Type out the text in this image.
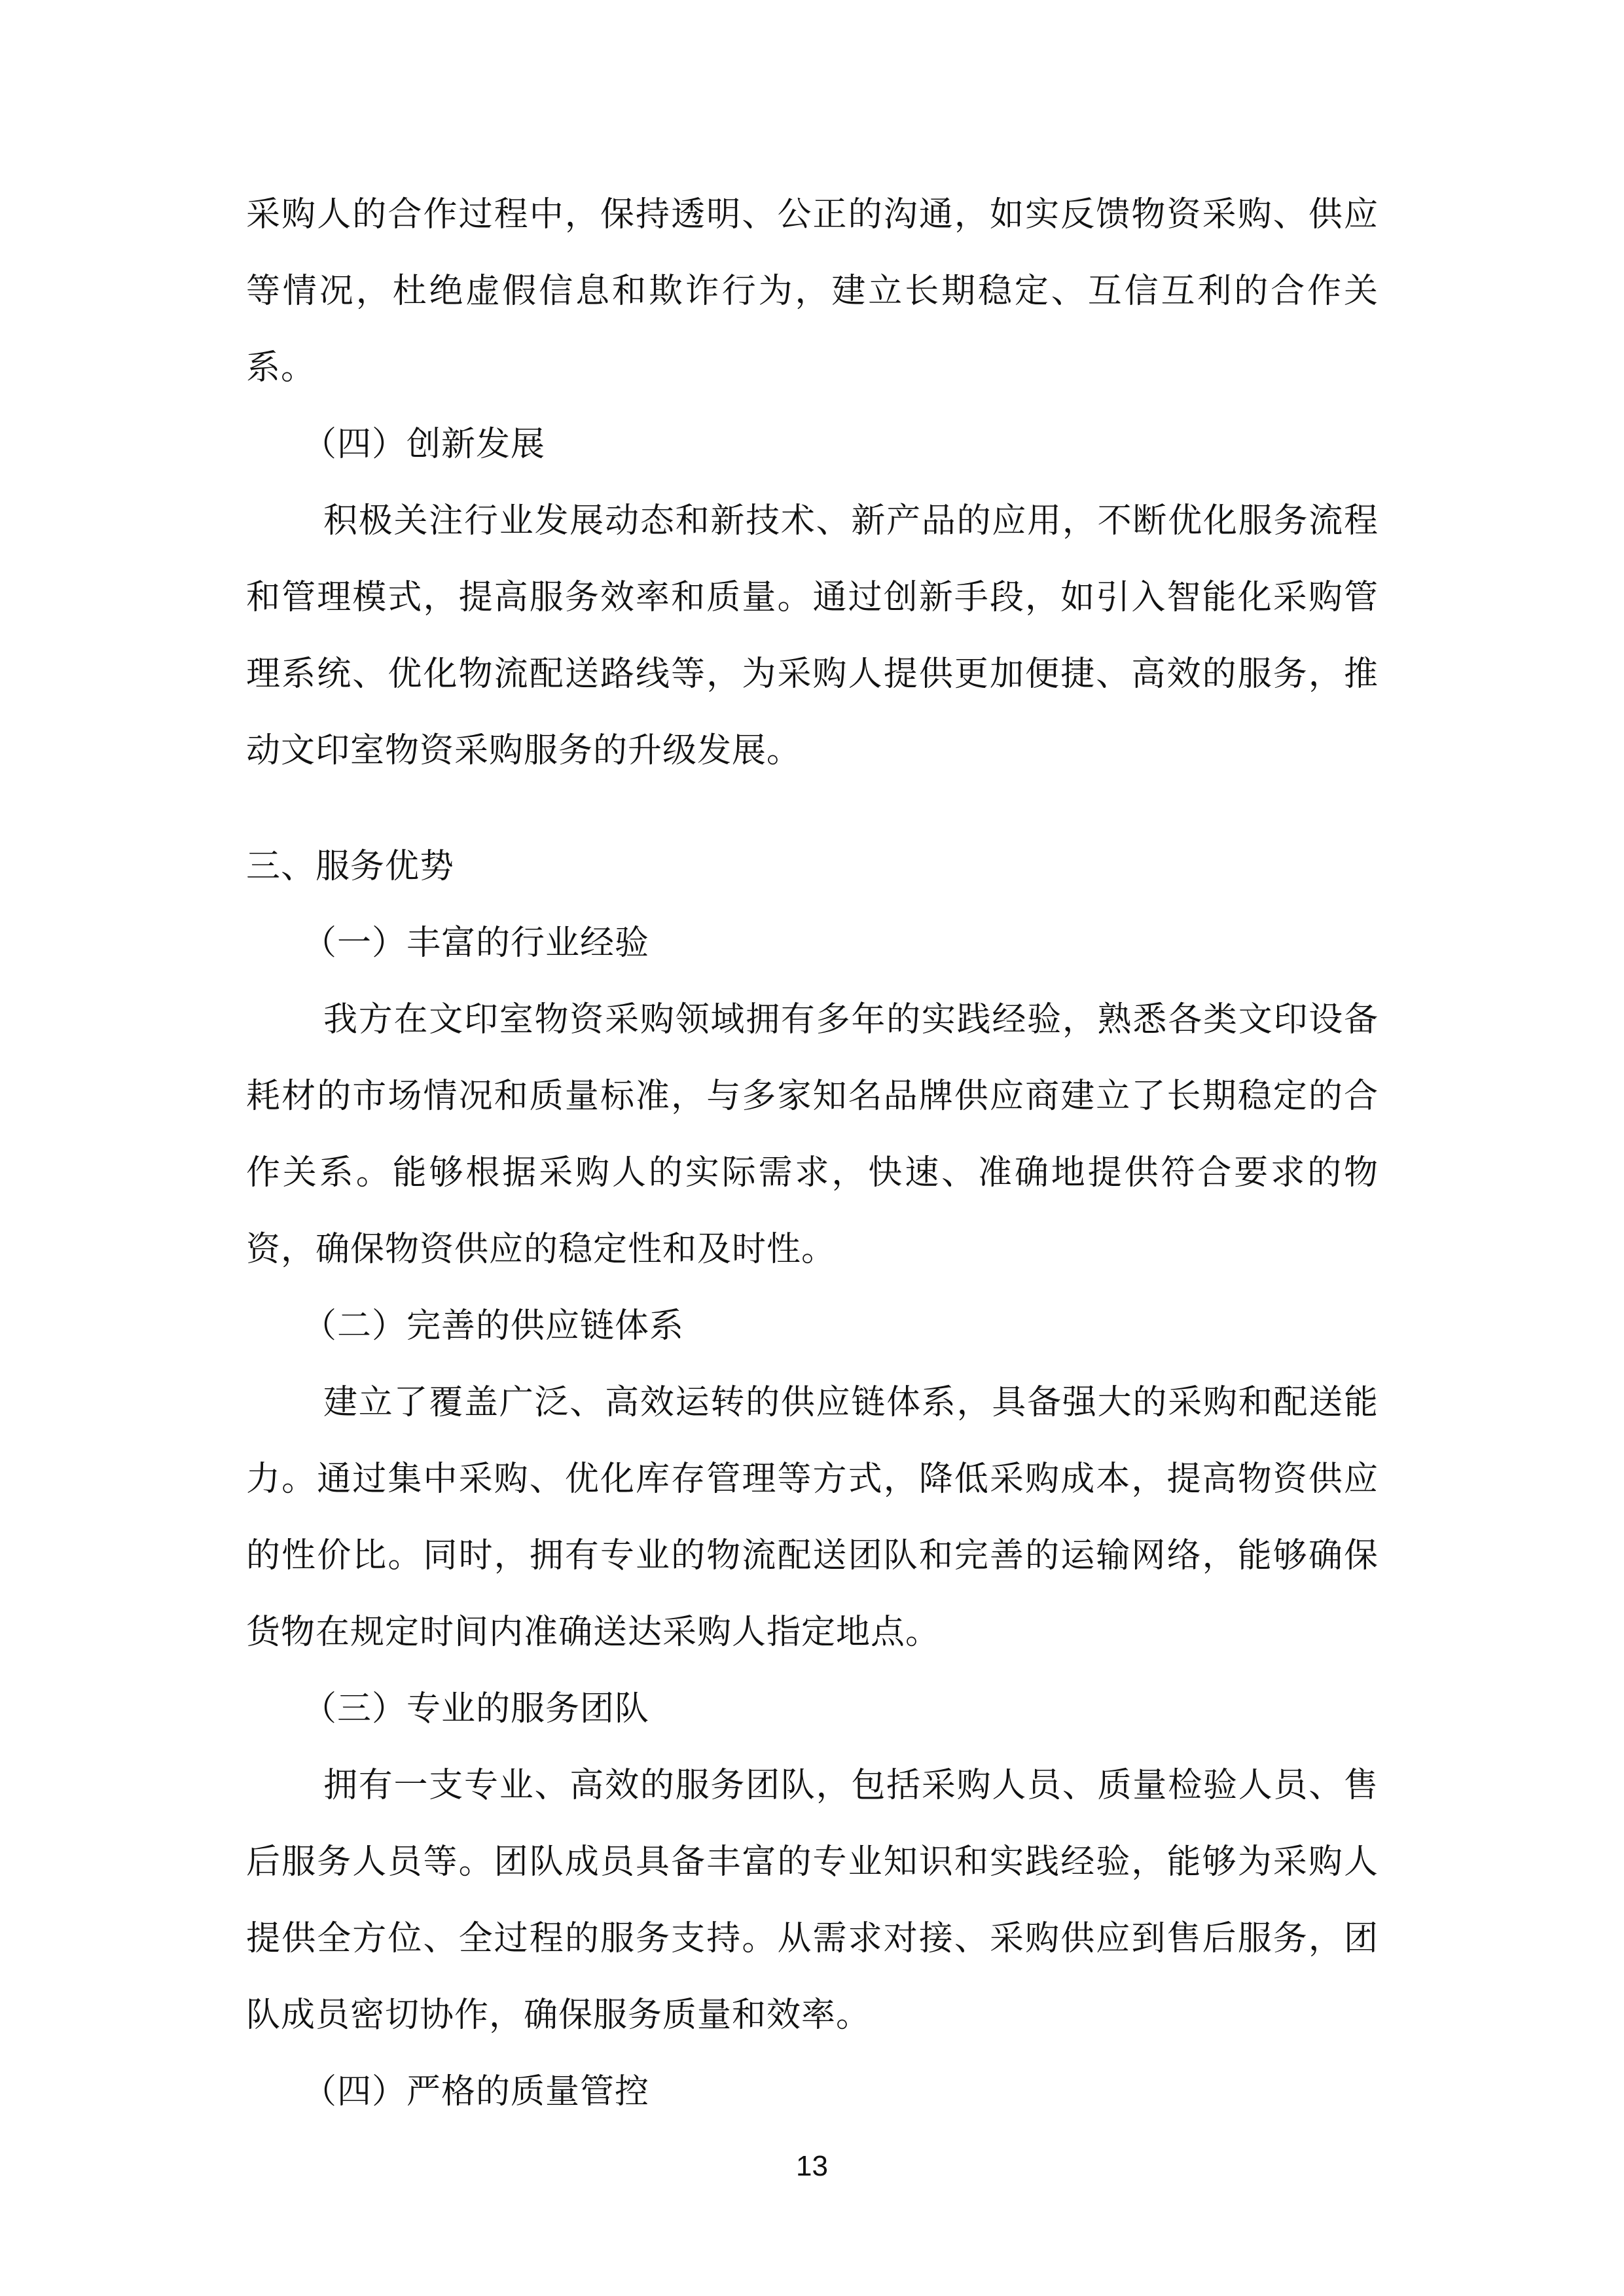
采购人的合作过程中，保持透明、公正的沟通，如实反馈物资采购、供应等情况，杜绝虚假信息和欺诈行为，建立长期稳定、互信互利的合作关系。

（四）创新发展

积极关注行业发展动态和新技术、新产品的应用，不断优化服务流程和管理模式，提高服务效率和质量。通过创新手段，如引入智能化采购管理系统、优化物流配送路线等，为采购人提供更加便捷、高效的服务，推动文印室物资采购服务的升级发展。

三、服务优势

（一）丰富的行业经验

我方在文印室物资采购领域拥有多年的实践经验，熟悉各类文印设备耗材的市场情况和质量标准，与多家知名品牌供应商建立了长期稳定的合作关系。能够根据采购人的实际需求，快速、准确地提供符合要求的物资，确保物资供应的稳定性和及时性。

（二）完善的供应链体系

建立了覆盖广泛、高效运转的供应链体系，具备强大的采购和配送能力。通过集中采购、优化库存管理等方式，降低采购成本，提高物资供应的性价比。同时，拥有专业的物流配送团队和完善的运输网络，能够确保货物在规定时间内准确送达采购人指定地点。

（三）专业的服务团队

拥有一支专业、高效的服务团队，包括采购人员、质量检验人员、售后服务人员等。团队成员具备丰富的专业知识和实践经验，能够为采购人提供全方位、全过程的服务支持。从需求对接、采购供应到售后服务，团队成员密切协作，确保服务质量和效率。

（四）严格的质量管控

13
